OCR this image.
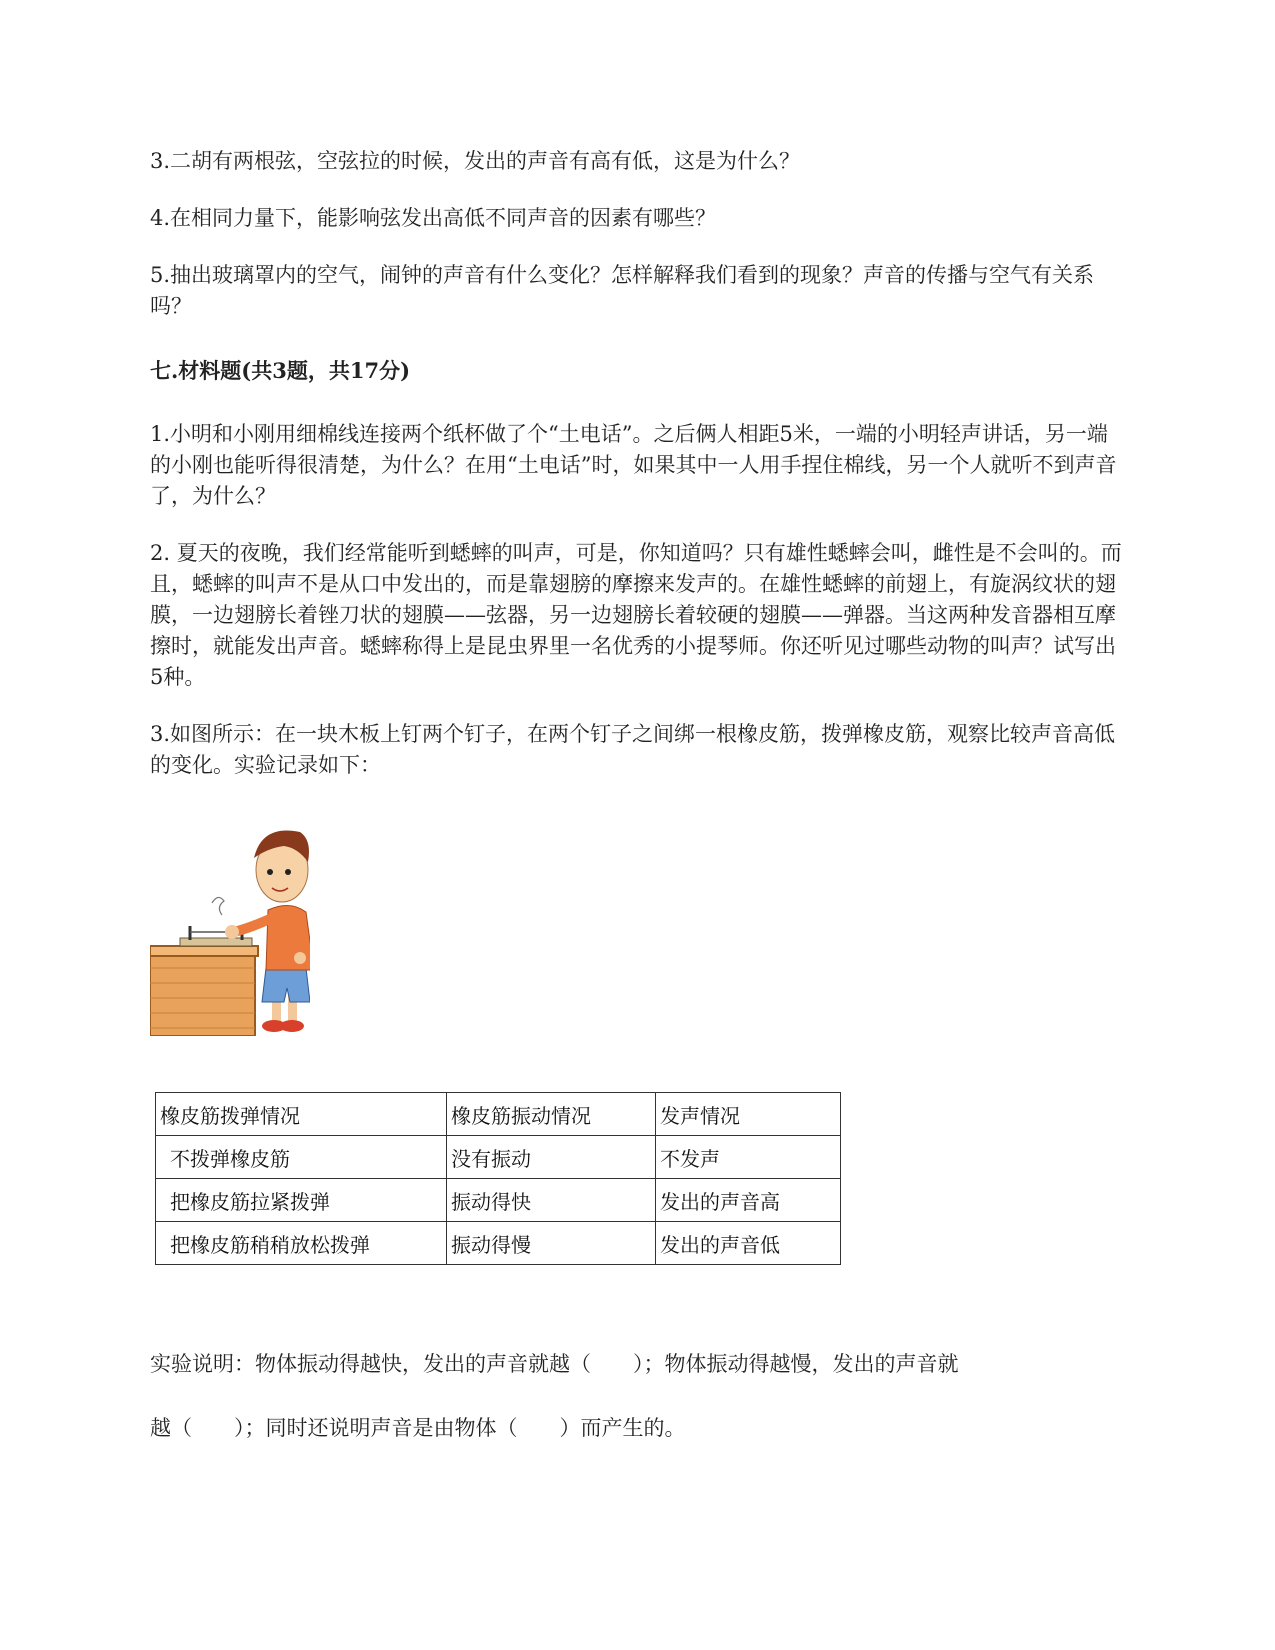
3.二胡有两根弦，空弦拉的时候，发出的声音有高有低，这是为什么？

4.在相同力量下，能影响弦发出高低不同声音的因素有哪些？

5.抽出玻璃罩内的空气，闹钟的声音有什么变化？怎样解释我们看到的现象？声音的传播与空气有关系吗？

七.材料题(共3题，共17分)

1.小明和小刚用细棉线连接两个纸杯做了个“土电话”。之后俩人相距5米，一端的小明轻声讲话，另一端的小刚也能听得很清楚，为什么？在用“土电话”时，如果其中一人用手捏住棉线，另一个人就听不到声音了，为什么？

2. 夏天的夜晚，我们经常能听到蟋蟀的叫声，可是，你知道吗？只有雄性蟋蟀会叫，雌性是不会叫的。而且，蟋蟀的叫声不是从口中发出的，而是靠翅膀的摩擦来发声的。在雄性蟋蟀的前翅上，有旋涡纹状的翅膜，一边翅膀长着锉刀状的翅膜——弦器，另一边翅膀长着较硬的翅膜——弹器。当这两种发音器相互摩擦时，就能发出声音。蟋蟀称得上是昆虫界里一名优秀的小提琴师。你还听见过哪些动物的叫声？试写出5种。

3.如图所示：在一块木板上钉两个钉子，在两个钉子之间绑一根橡皮筋，拨弹橡皮筋，观察比较声音高低的变化。实验记录如下：

橡皮筋拨弹情况	橡皮筋振动情况	发声情况
不拨弹橡皮筋	没有振动	不发声
把橡皮筋拉紧拨弹	振动得快	发出的声音高
把橡皮筋稍稍放松拨弹	振动得慢	发出的声音低
实验说明：物体振动得越快，发出的声音就越（　　）；物体振动得越慢，发出的声音就
越（　　）；同时还说明声音是由物体（　　）而产生的。
